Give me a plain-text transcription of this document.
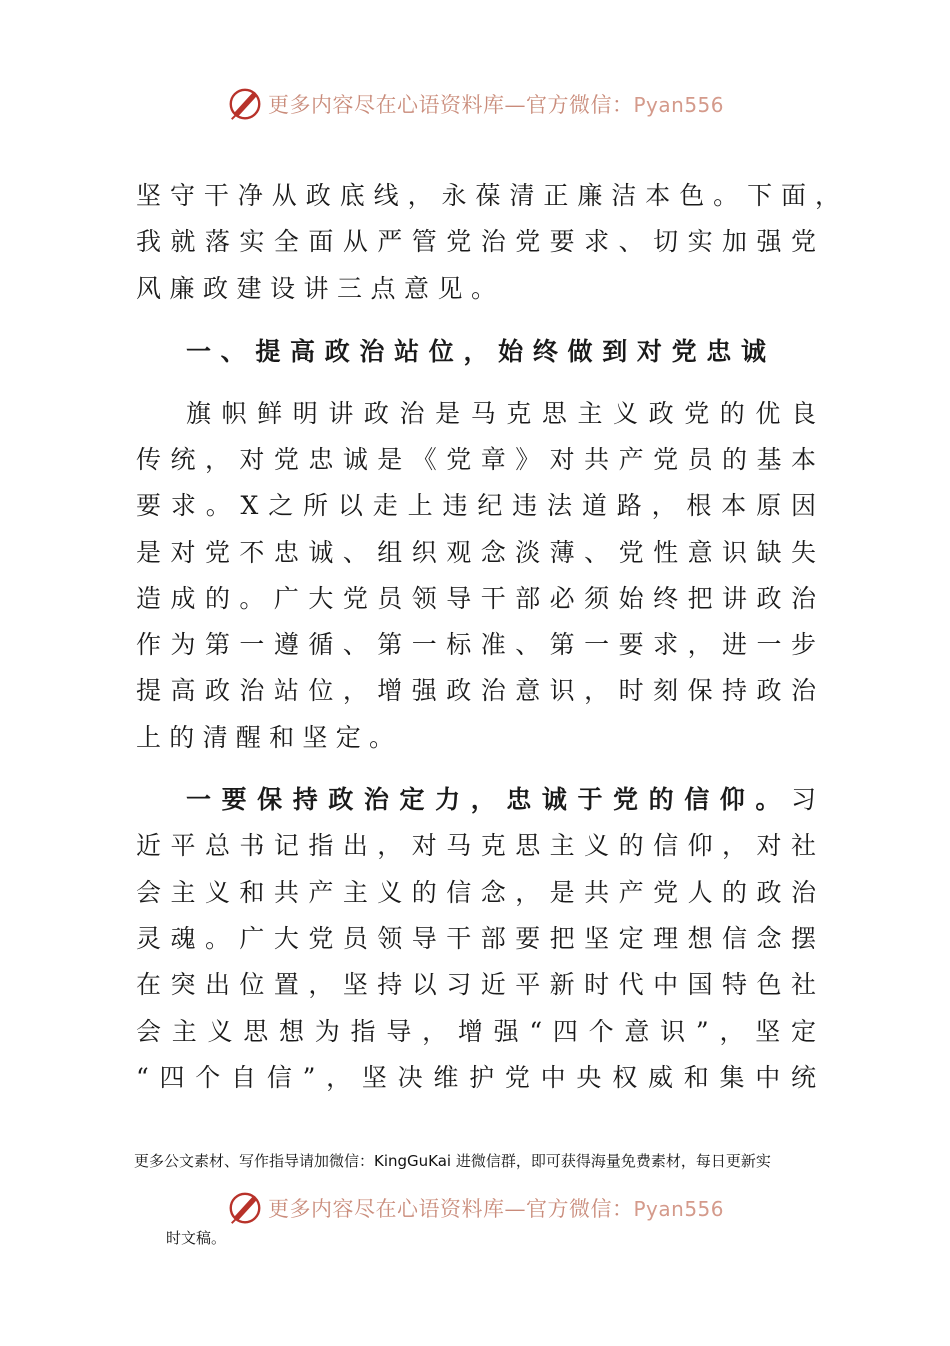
更多内容尽在心语资料库—官方微信：Pyan556
坚守干净从政底线，永葆清正廉洁本色。下面，
我就落实全面从严管党治党要求、切实加强党
风廉政建设讲三点意见。
一、提高政治站位，始终做到对党忠诚
旗帜鲜明讲政治是马克思主义政党的优良
传统，对党忠诚是《党章》对共产党员的基本
要求。X之所以走上违纪违法道路，根本原因
是对党不忠诚、组织观念淡薄、党性意识缺失
造成的。广大党员领导干部必须始终把讲政治
作为第一遵循、第一标准、第一要求，进一步
提高政治站位，增强政治意识，时刻保持政治
上的清醒和坚定。
一要保持政治定力，忠诚于党的信仰。习
近平总书记指出，对马克思主义的信仰，对社
会主义和共产主义的信念，是共产党人的政治
灵魂。广大党员领导干部要把坚定理想信念摆
在突出位置，坚持以习近平新时代中国特色社
会主义思想为指导，增强“四个意识”，坚定
“四个自信”，坚决维护党中央权威和集中统
更多公文素材、写作指导请加微信：KingGuKai 进微信群，即可获得海量免费素材，每日更新实
更多内容尽在心语资料库—官方微信：Pyan556
时文稿。
